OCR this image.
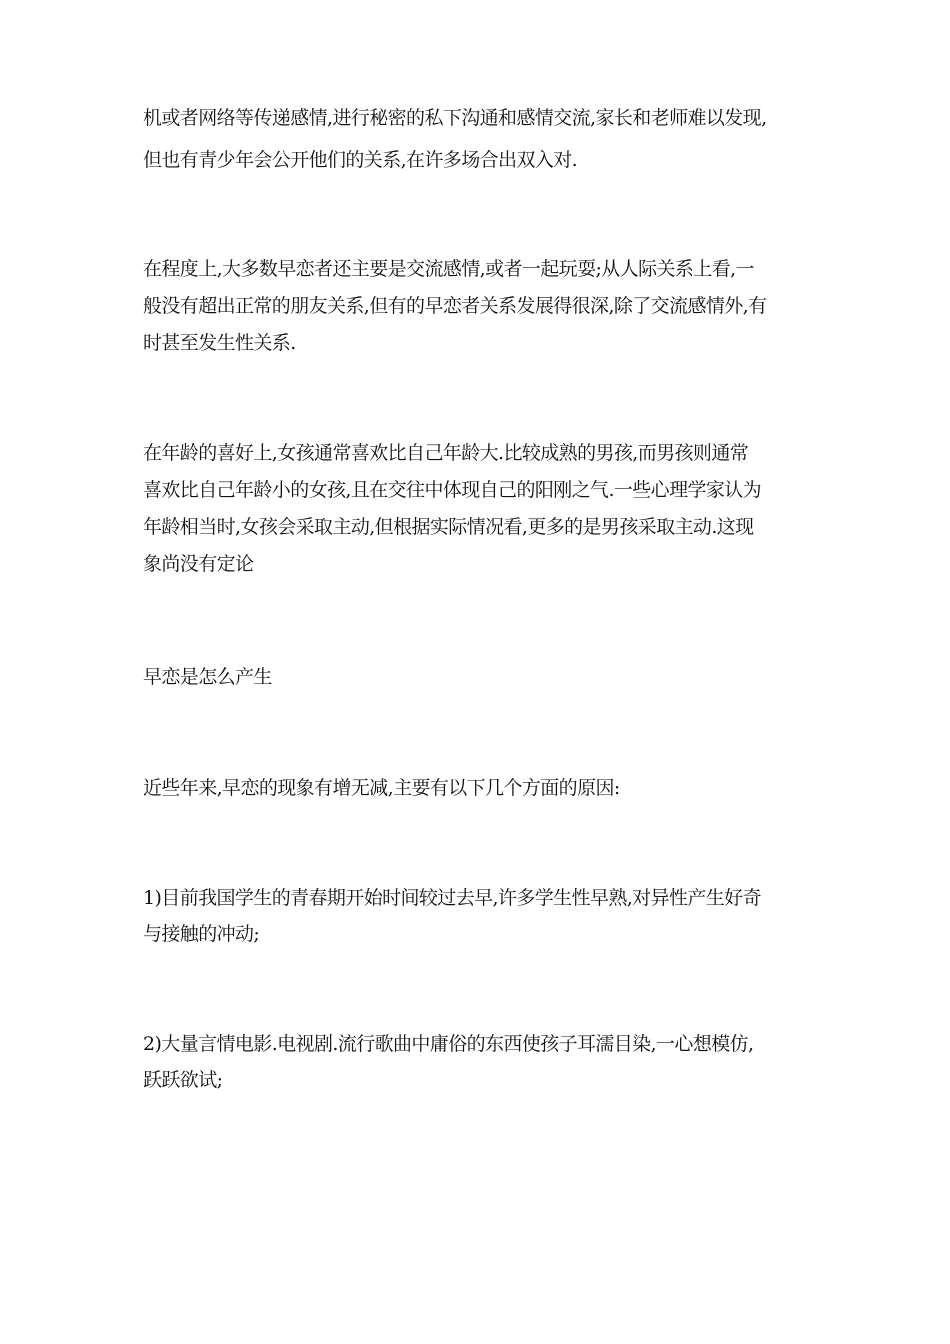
机或者网络等传递感情,进行秘密的私下沟通和感情交流,家长和老师难以发现,
但也有青少年会公开他们的关系,在许多场合出双入对.
在程度上,大多数早恋者还主要是交流感情,或者一起玩耍;从人际关系上看,一
般没有超出正常的朋友关系,但有的早恋者关系发展得很深,除了交流感情外,有
时甚至发生性关系.
在年龄的喜好上,女孩通常喜欢比自己年龄大.比较成熟的男孩,而男孩则通常
喜欢比自己年龄小的女孩,且在交往中体现自己的阳刚之气.一些心理学家认为
年龄相当时,女孩会采取主动,但根据实际情况看,更多的是男孩采取主动.这现
象尚没有定论
早恋是怎么产生
近些年来,早恋的现象有增无减,主要有以下几个方面的原因:
1)目前我国学生的青春期开始时间较过去早,许多学生性早熟,对异性产生好奇
与接触的冲动;
2)大量言情电影.电视剧.流行歌曲中庸俗的东西使孩子耳濡目染,一心想模仿,
跃跃欲试;
